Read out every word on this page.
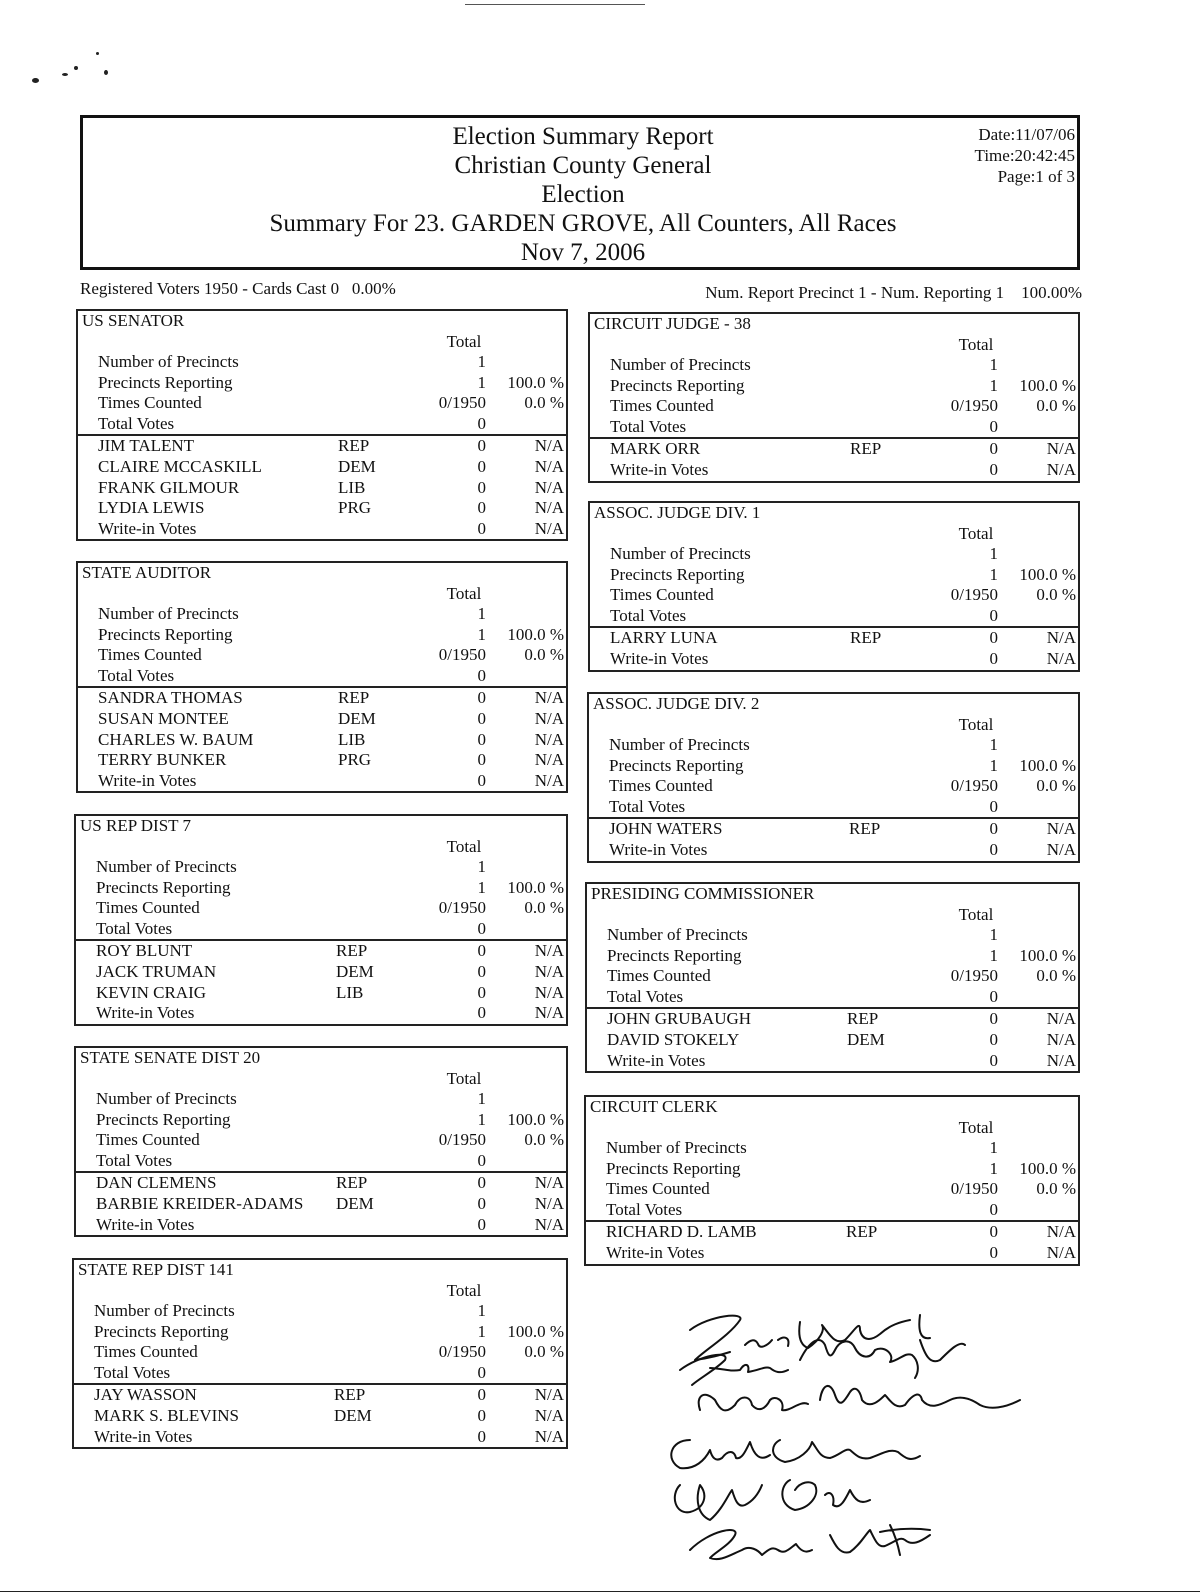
Election Summary Report
Christian County General
Election
Summary For 23. GARDEN GROVE, All Counters, All Races
Nov 7, 2006
Date:11/07/06
Time:20:42:45
Page:1 of 3
Registered Voters 1950 - Cards Cast 0 0.00%	Num. Report Precinct 1 - Num. Reporting 1 100.00%
US SENATOR
Total
Number of Precincts	1
Precincts Reporting	1 100.0 %
Times Counted	0/1950 0.0 %
Total Votes	0
JIM TALENT	REP	0	N/A
CLAIRE MCCASKILL	DEM	0	N/A
FRANK GILMOUR	LIB	0	N/A
LYDIA LEWIS	PRG	0	N/A
Write-in Votes	0	N/A
STATE AUDITOR
Total
Number of Precincts	1
Precincts Reporting	1 100.0 %
Times Counted	0/1950 0.0 %
Total Votes	0
SANDRA THOMAS	REP	0	N/A
SUSAN MONTEE	DEM	0	N/A
CHARLES W. BAUM	LIB	0	N/A
TERRY BUNKER	PRG	0	N/A
Write-in Votes	0	N/A
US REP DIST 7
Total
Number of Precincts	1
Precincts Reporting	1 100.0 %
Times Counted	0/1950 0.0 %
Total Votes	0
ROY BLUNT	REP	0	N/A
JACK TRUMAN	DEM	0	N/A
KEVIN CRAIG	LIB	0	N/A
Write-in Votes	0	N/A
STATE SENATE DIST 20
Total
Number of Precincts	1
Precincts Reporting	1 100.0 %
Times Counted	0/1950 0.0 %
Total Votes	0
DAN CLEMENS	REP	0	N/A
BARBIE KREIDER-ADAMS DEM	0	N/A
Write-in Votes	0	N/A
STATE REP DIST 141
Total
Number of Precincts	1
Precincts Reporting	1 100.0 %
Times Counted	0/1950 0.0 %
Total Votes	0
JAY WASSON	REP	0	N/A
MARK S. BLEVINS	DEM	0	N/A
Write-in Votes	0	N/A
CIRCUIT JUDGE - 38
Total
Number of Precincts	1
Precincts Reporting	1 100.0 %
Times Counted	0/1950 0.0 %
Total Votes	0
MARK ORR	REP	0	N/A
Write-in Votes	0	N/A
ASSOC. JUDGE DIV. 1
Total
Number of Precincts	1
Precincts Reporting	1 100.0 %
Times Counted	0/1950 0.0 %
Total Votes	0
LARRY LUNA	REP	0	N/A
Write-in Votes	0	N/A
ASSOC. JUDGE DIV. 2
Total
Number of Precincts	1
Precincts Reporting	1 100.0 %
Times Counted	0/1950 0.0 %
Total Votes	0
JOHN WATERS	REP	0	N/A
Write-in Votes	0	N/A
PRESIDING COMMISSIONER
Total
Number of Precincts	1
Precincts Reporting	1 100.0 %
Times Counted	0/1950 0.0 %
Total Votes	0
JOHN GRUBAUGH	REP	0	N/A
DAVID STOKELY	DEM	0	N/A
Write-in Votes	0	N/A
CIRCUIT CLERK
Total
Number of Precincts	1
Precincts Reporting	1 100.0 %
Times Counted	0/1950 0.0 %
Total Votes	0
RICHARD D. LAMB	REP	0	N/A
Write-in Votes	0	N/A
